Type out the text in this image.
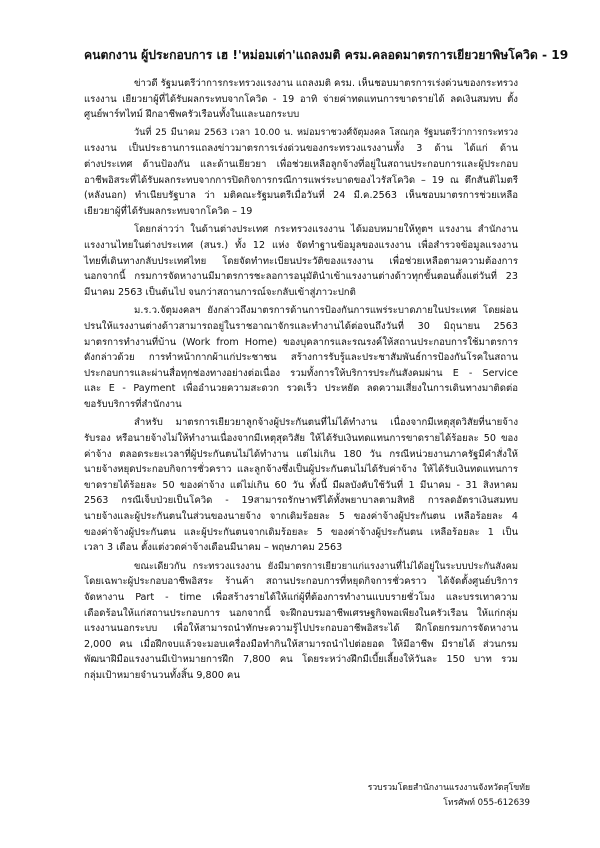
คนตกงาน ผู้ประกอบการ เฮ !'หม่อมเต่า'แถลงมติ ครม.คลอดมาตรการเยียวยาพิษโควิด - 19
ข่าวดี รัฐมนตรีว่าการกระทรวงแรงงาน แถลงมติ ครม. เห็นชอบมาตรการเร่งด่วนของกระทรวง
แรงงาน เยียวยาผู้ที่ได้รับผลกระทบจากโควิด - 19 อาทิ จ่ายค่าทดแทนการขาดรายได้ ลดเงินสมทบ ตั้ง
ศูนย์พาร์ทไทม์ ฝึกอาชีพครัวเรือนทั้งในและนอกระบบ
วันที่ 25 มีนาคม 2563 เวลา 10.00 น. หม่อมราชวงศ์จัตุมงคล โสณกุล รัฐมนตรีว่าการกระทรวง
แรงงาน เป็นประธานการแถลงข่าวมาตรการเร่งด่วนของกระทรวงแรงงานทั้ง 3 ด้าน ได้แก่ ด้าน
ต่างประเทศ ด้านป้องกัน และด้านเยียวยา เพื่อช่วยเหลือลูกจ้างที่อยู่ในสถานประกอบการและผู้ประกอบ
อาชีพอิสระที่ได้รับผลกระทบจากการปิดกิจการกรณีการแพร่ระบาดของไวรัสโควิด – 19 ณ ตึกสันติไมตรี
(หลังนอก) ทำเนียบรัฐบาล ว่า มติคณะรัฐมนตรีเมื่อวันที่ 24 มี.ค.2563 เห็นชอบมาตรการช่วยเหลือ
เยียวยาผู้ที่ได้รับผลกระทบจากโควิด – 19
โดยกล่าวว่า ในด้านต่างประเทศ กระทรวงแรงงาน ได้มอบหมายให้ทูตฯ แรงงาน สำนักงาน
แรงงานไทยในต่างประเทศ (สนร.) ทั้ง 12 แห่ง จัดทำฐานข้อมูลของแรงงาน เพื่อสำรวจข้อมูลแรงงาน
ไทยที่เดินทางกลับประเทศไทย โดยจัดทำทะเบียนประวัติของแรงงาน เพื่อช่วยเหลือตามความต้องการ
นอกจากนี้ กรมการจัดหางานมีมาตรการชะลอการอนุมัตินำเข้าแรงงานต่างด้าวทุกขั้นตอนตั้งแต่วันที่ 23
มีนาคม 2563 เป็นต้นไป จนกว่าสถานการณ์จะกลับเข้าสู่ภาวะปกติ
ม.ร.ว.จัตุมงคลฯ ยังกล่าวถึงมาตรการด้านการป้องกันการแพร่ระบาดภายในประเทศ โดยผ่อน
ปรนให้แรงงานต่างด้าวสามารถอยู่ในราชอาณาจักรและทำงานได้ต่อจนถึงวันที่ 30 มิถุนายน 2563
มาตรการทำงานที่บ้าน (Work from Home) ของบุคลากรและรณรงค์ให้สถานประกอบการใช้มาตรการ
ดังกล่าวด้วย การทำหน้ากากผ้าแก่ประชาชน สร้างการรับรู้และประชาสัมพันธ์การป้องกันโรคในสถาน
ประกอบการและผ่านสื่อทุกช่องทางอย่างต่อเนื่อง รวมทั้งการให้บริการประกันสังคมผ่าน E - Service
และ E - Payment เพื่ออำนวยความสะดวก รวดเร็ว ประหยัด ลดความเสี่ยงในการเดินทางมาติดต่อ
ขอรับบริการที่สำนักงาน
สำหรับ มาตรการเยียวยาลูกจ้างผู้ประกันตนที่ไม่ได้ทำงาน เนื่องจากมีเหตุสุดวิสัยที่นายจ้าง
รับรอง หรือนายจ้างไม่ให้ทำงานเนื่องจากมีเหตุสุดวิสัย ให้ได้รับเงินทดแทนการขาดรายได้ร้อยละ 50 ของ
ค่าจ้าง ตลอดระยะเวลาที่ผู้ประกันตนไม่ได้ทำงาน แต่ไม่เกิน 180 วัน กรณีหน่วยงานภาครัฐมีคำสั่งให้
นายจ้างหยุดประกอบกิจการชั่วคราว และลูกจ้างซึ่งเป็นผู้ประกันตนไม่ได้รับค่าจ้าง ให้ได้รับเงินทดแทนการ
ขาดรายได้ร้อยละ 50 ของค่าจ้าง แต่ไม่เกิน 60 วัน ทั้งนี้ มีผลบังคับใช้วันที่ 1 มีนาคม - 31 สิงหาคม
2563 กรณีเจ็บป่วยเป็นโควิด - 19สามารถรักษาฟรีได้ทั้งพยาบาลตามสิทธิ การลดอัตราเงินสมทบ
นายจ้างและผู้ประกันตนในส่วนของนายจ้าง จากเดิมร้อยละ 5 ของค่าจ้างผู้ประกันตน เหลือร้อยละ 4
ของค่าจ้างผู้ประกันตน และผู้ประกันตนจากเดิมร้อยละ 5 ของค่าจ้างผู้ประกันตน เหลือร้อยละ 1 เป็น
เวลา 3 เดือน ตั้งแต่งวดค่าจ้างเดือนมีนาคม – พฤษภาคม 2563
ขณะเดียวกัน กระทรวงแรงงาน ยังมีมาตรการเยียวยาแก่แรงงานที่ไม่ได้อยู่ในระบบประกันสังคม
โดยเฉพาะผู้ประกอบอาชีพอิสระ ร้านค้า สถานประกอบการที่หยุดกิจการชั่วคราว ได้จัดตั้งศูนย์บริการ
จัดหางาน Part - time เพื่อสร้างรายได้ให้แก่ผู้ที่ต้องการทำงานแบบรายชั่วโมง และบรรเทาความ
เดือดร้อนให้แก่สถานประกอบการ นอกจากนี้ จะฝึกอบรมอาชีพเศรษฐกิจพอเพียงในครัวเรือน ให้แก่กลุ่ม
แรงงานนอกระบบ เพื่อให้สามารถนำทักษะความรู้ไปประกอบอาชีพอิสระได้ ฝึกโดยกรมการจัดหางาน
2,000 คน เมื่อฝึกจบแล้วจะมอบเครื่องมือทำกินให้สามารถนำไปต่อยอด ให้มีอาชีพ มีรายได้ ส่วนกรม
พัฒนาฝีมือแรงงานมีเป้าหมายการฝึก 7,800 คน โดยระหว่างฝึกมีเบี้ยเลี้ยงให้วันละ 150 บาท รวม
กลุ่มเป้าหมายจำนวนทั้งสิ้น 9,800 คน
รวบรวมโดยสำนักงานแรงงานจังหวัดสุโขทัย
โทรศัพท์ 055-612639
